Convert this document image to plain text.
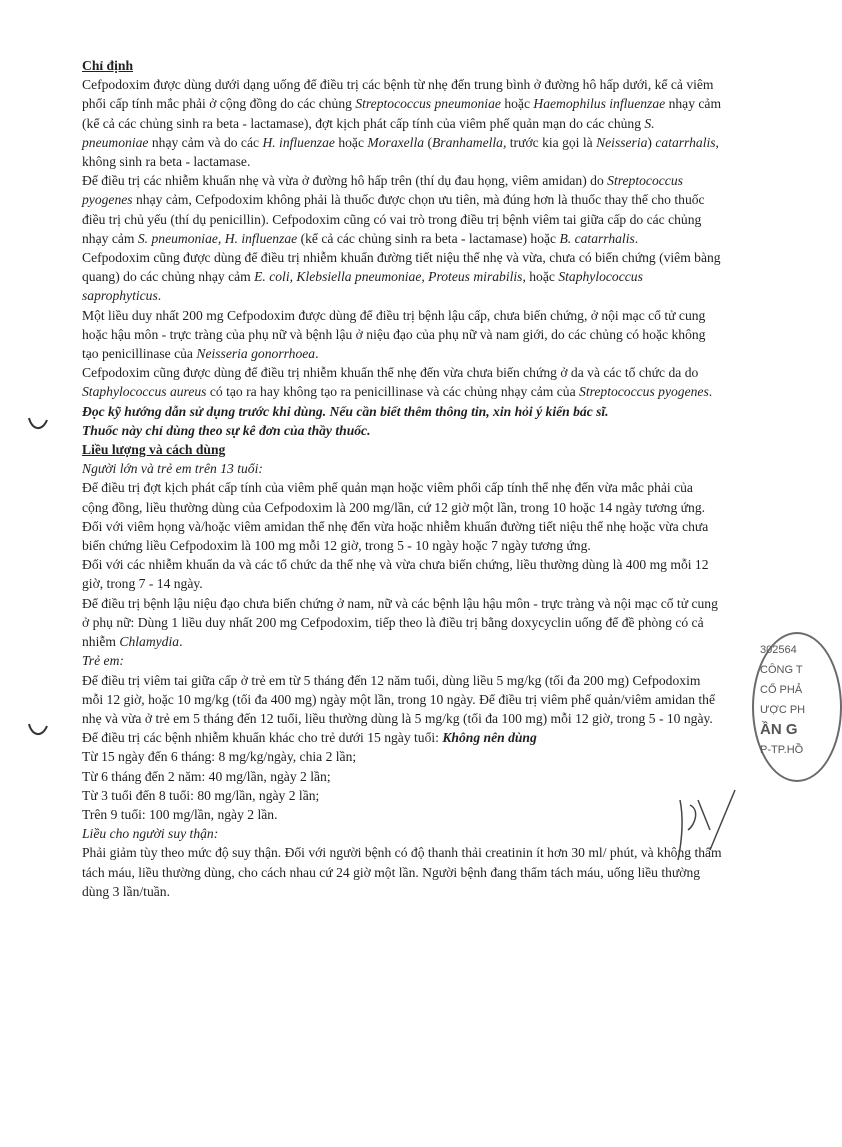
Chỉ định

Cefpodoxim được dùng dưới dạng uống để điều trị các bệnh từ nhẹ đến trung bình ở đường hô hấp dưới, kể cả viêm phổi cấp tính mắc phải ở cộng đồng do các chủng Streptococcus pneumoniae hoặc Haemophilus influenzae nhạy cảm (kể cả các chủng sinh ra beta - lactamase), đợt kịch phát cấp tính của viêm phế quản mạn do các chủng S. pneumoniae nhạy cảm và do các H. influenzae hoặc Moraxella (Branhamella, trước kia gọi là Neisseria) catarrhalis, không sinh ra beta - lactamase.

Để điều trị các nhiễm khuẩn nhẹ và vừa ở đường hô hấp trên (thí dụ đau họng, viêm amidan) do Streptococcus pyogenes nhạy cảm, Cefpodoxim không phải là thuốc được chọn ưu tiên, mà đúng hơn là thuốc thay thế cho thuốc điều trị chủ yếu (thí dụ penicillin). Cefpodoxim cũng có vai trò trong điều trị bệnh viêm tai giữa cấp do các chủng nhạy cảm S. pneumoniae, H. influenzae (kể cả các chủng sinh ra beta - lactamase) hoặc B. catarrhalis.

Cefpodoxim cũng được dùng để điều trị nhiễm khuẩn đường tiết niệu thể nhẹ và vừa, chưa có biến chứng (viêm bàng quang) do các chủng nhạy cảm E. coli, Klebsiella pneumoniae, Proteus mirabilis, hoặc Staphylococcus saprophyticus.

Một liều duy nhất 200 mg Cefpodoxim được dùng để điều trị bệnh lậu cấp, chưa biến chứng, ở nội mạc cổ tử cung hoặc hậu môn - trực tràng của phụ nữ và bệnh lậu ở niệu đạo của phụ nữ và nam giới, do các chủng có hoặc không tạo penicillinase của Neisseria gonorrhoea.

Cefpodoxim cũng được dùng để điều trị nhiễm khuẩn thể nhẹ đến vừa chưa biến chứng ở da và các tổ chức da do Staphylococcus aureus có tạo ra hay không tạo ra penicillinase và các chủng nhạy cảm của Streptococcus pyogenes.

Đọc kỹ hướng dẫn sử dụng trước khi dùng. Nếu cần biết thêm thông tin, xin hỏi ý kiến bác sĩ.

Thuốc này chỉ dùng theo sự kê đơn của thầy thuốc.

Liều lượng và cách dùng

Người lớn và trẻ em trên 13 tuổi:

Để điều trị đợt kịch phát cấp tính của viêm phế quản mạn hoặc viêm phổi cấp tính thể nhẹ đến vừa mắc phải của cộng đồng, liều thường dùng của Cefpodoxim là 200 mg/lần, cứ 12 giờ một lần, trong 10 hoặc 14 ngày tương ứng.

Đối với viêm họng và/hoặc viêm amidan thể nhẹ đến vừa hoặc nhiễm khuẩn đường tiết niệu thể nhẹ hoặc vừa chưa biến chứng liều Cefpodoxim là 100 mg mỗi 12 giờ, trong 5 - 10 ngày hoặc 7 ngày tương ứng.

Đối với các nhiễm khuẩn da và các tổ chức da thể nhẹ và vừa chưa biến chứng, liều thường dùng là 400 mg mỗi 12 giờ, trong 7 - 14 ngày.

Để điều trị bệnh lậu niệu đạo chưa biến chứng ở nam, nữ và các bệnh lậu hậu môn - trực tràng và nội mạc cổ tử cung ở phụ nữ: Dùng 1 liều duy nhất 200 mg Cefpodoxim, tiếp theo là điều trị bằng doxycyclin uống để đề phòng có cả nhiễm Chlamydia.

Trẻ em:

Để điều trị viêm tai giữa cấp ở trẻ em từ 5 tháng đến 12 năm tuổi, dùng liều 5 mg/kg (tối đa 200 mg) Cefpodoxim mỗi 12 giờ, hoặc 10 mg/kg (tối đa 400 mg) ngày một lần, trong 10 ngày. Để điều trị viêm phế quản/viêm amidan thể nhẹ và vừa ở trẻ em 5 tháng đến 12 tuổi, liều thường dùng là 5 mg/kg (tối đa 100 mg) mỗi 12 giờ, trong 5 - 10 ngày.

Để điều trị các bệnh nhiễm khuẩn khác cho trẻ dưới 15 ngày tuổi: Không nên dùng

Từ 15 ngày đến 6 tháng: 8 mg/kg/ngày, chia 2 lần;

Từ 6 tháng đến 2 năm: 40 mg/lần, ngày 2 lần;

Từ 3 tuổi đến 8 tuổi: 80 mg/lần, ngày 2 lần;

Trên 9 tuổi: 100 mg/lần, ngày 2 lần.

Liều cho người suy thận:

Phải giảm tùy theo mức độ suy thận. Đối với người bệnh có độ thanh thải creatinin ít hơn 30 ml/ phút, và không thẩm tách máu, liều thường dùng, cho cách nhau cứ 24 giờ một lần. Người bệnh đang thẩm tách máu, uống liều thường dùng 3 lần/tuần.

302564
CÔNG T
CỔ PHẢ
ƯỢC PH
ẦN G
P-TP.HỒ
